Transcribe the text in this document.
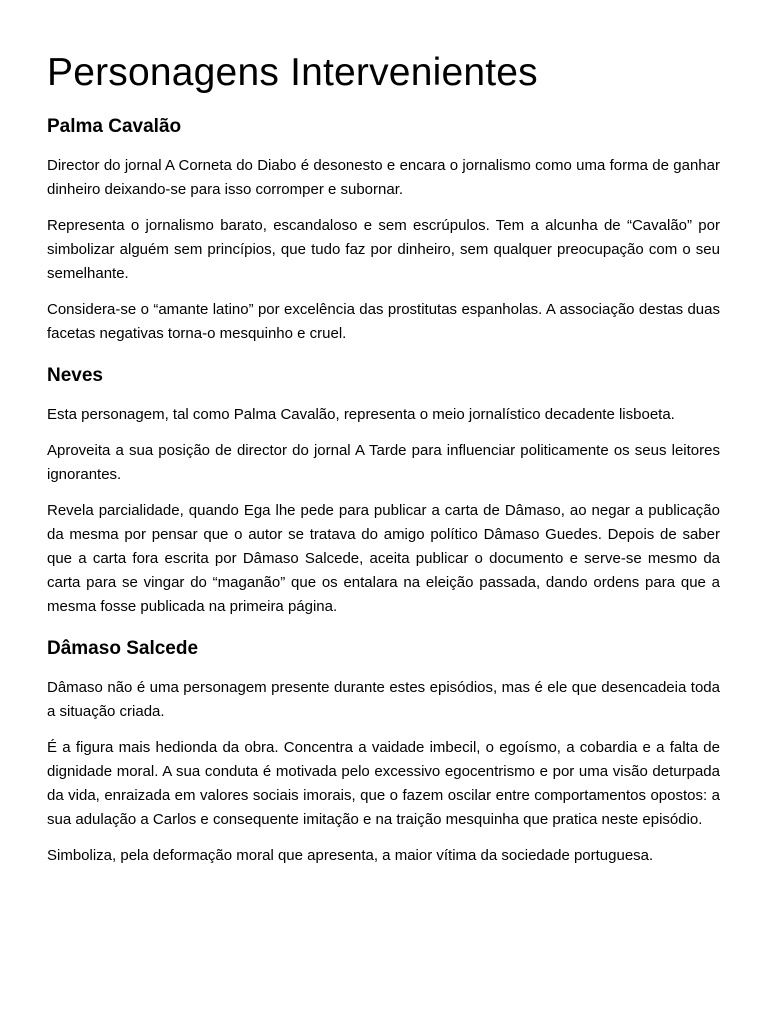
Personagens Intervenientes
Palma Cavalão

Director do jornal A Corneta do Diabo é desonesto e encara o jornalismo como uma forma de ganhar dinheiro deixando-se para isso corromper e subornar.

Representa o jornalismo barato, escandaloso e sem escrúpulos. Tem a alcunha de “Cavalão” por simbolizar alguém sem princípios, que tudo faz por dinheiro, sem qualquer preocupação com o seu semelhante.

Considera-se o “amante latino” por excelência das prostitutas espanholas. A associação destas duas facetas negativas torna-o mesquinho e cruel.

Neves

Esta personagem, tal como Palma Cavalão, representa o meio jornalístico decadente lisboeta.

Aproveita a sua posição de director do jornal A Tarde para influenciar politicamente os seus leitores ignorantes.

Revela parcialidade, quando Ega lhe pede para publicar a carta de Dâmaso, ao negar a publicação da mesma por pensar que o autor se tratava do amigo político Dâmaso Guedes. Depois de saber que a carta fora escrita por Dâmaso Salcede, aceita publicar o documento e serve-se mesmo da carta para se vingar do “maganão” que os entalara na eleição passada, dando ordens para que a mesma fosse publicada na primeira página.

Dâmaso Salcede

Dâmaso não é uma personagem presente durante estes episódios, mas é ele que desencadeia toda a situação criada.

É a figura mais hedionda da obra. Concentra a vaidade imbecil, o egoísmo, a cobardia e a falta de dignidade moral. A sua conduta é motivada pelo excessivo egocentrismo e por uma visão deturpada da vida, enraizada em valores sociais imorais, que o fazem oscilar entre comportamentos opostos: a sua adulação a Carlos e consequente imitação e na traição mesquinha que pratica neste episódio.

Simboliza, pela deformação moral que apresenta, a maior vítima da sociedade portuguesa.
